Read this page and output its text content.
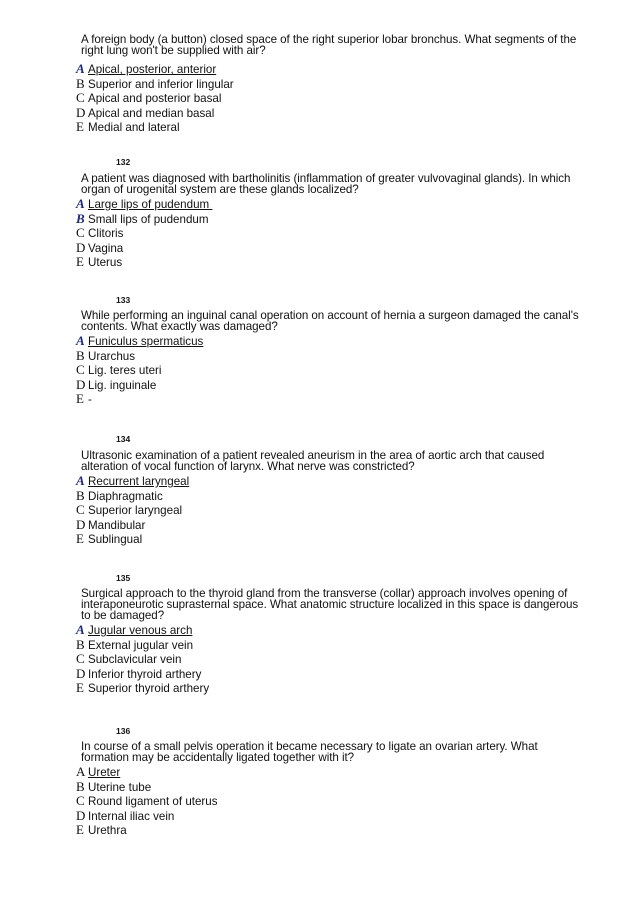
A foreign body (a button) closed space of the right superior lobar bronchus. What segments of the right lung won't be supplied with air?
A Apical, posterior, anterior
B Superior and inferior lingular
C Apical and posterior basal
D Apical and median basal
E Medial and lateral
132
A patient was diagnosed with bartholinitis (inflammation of greater vulvovaginal glands). In which organ of urogenital system are these glands localized?
A Large lips of pudendum
B Small lips of pudendum
C Clitoris
D Vagina
E Uterus
133
While performing an inguinal canal operation on account of hernia a surgeon damaged the canal's contents. What exactly was damaged?
A Funiculus spermaticus
B Urarchus
C Lig. teres uteri
D Lig. inguinale
E -
134
Ultrasonic examination of a patient revealed aneurism in the area of aortic arch that caused alteration of vocal function of larynx. What nerve was constricted?
A Recurrent laryngeal
B Diaphragmatic
C Superior laryngeal
D Mandibular
E Sublingual
135
Surgical approach to the thyroid gland from the transverse (collar) approach involves opening of interaponeurotic suprasternal space. What anatomic structure localized in this space is dangerous to be damaged?
A Jugular venous arch
B External jugular vein
C Subclavicular vein
D Inferior thyroid arthery
E Superior thyroid arthery
136
In course of a small pelvis operation it became necessary to ligate an ovarian artery. What formation may be accidentally ligated together with it?
A Ureter
B Uterine tube
C Round ligament of uterus
D Internal iliac vein
E Urethra
